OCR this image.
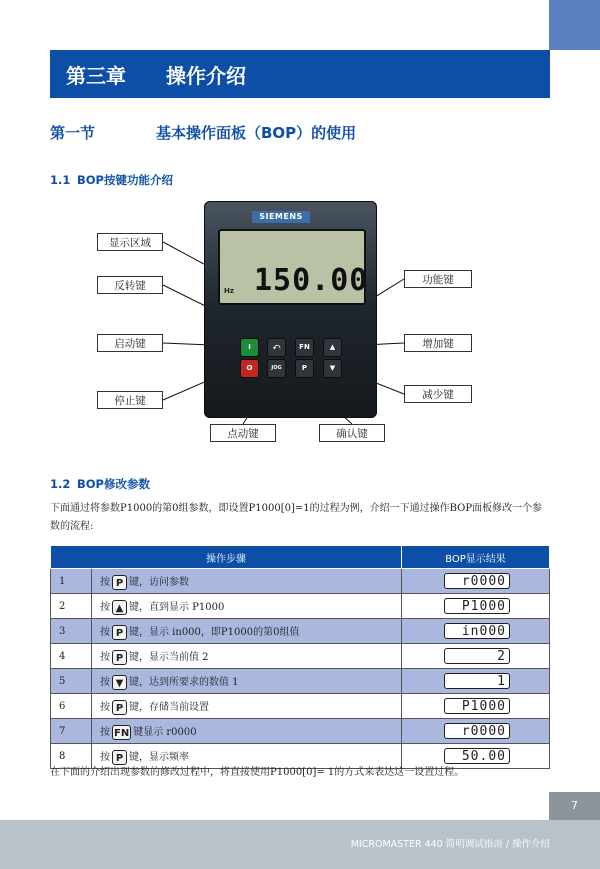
第三章	操作介绍
第一节	基本操作面板（BOP）的使用
1.1 BOP按键功能介绍
SIEMENS
150.00
Hz
I	⤺	FN	▲
O	JOG	P	▼
显示区域
反转键
启动键
停止键
点动键	确认键
功能键
增加键
减少键
1.2 BOP修改参数
下面通过将参数P1000的第0组参数，即设置P1000[0]=1的过程为例，介绍一下通过操作BOP面板修改一个参数的流程:
操作步骤		BOP显示结果
1	按 P 键，访问参数	r0000
2	按 ▲ 键，直到显示 P1000	P1000
3	按 P 键，显示 in000，即P1000的第0组值	in000
4	按 P 键，显示当前值 2	2
5	按 ▼ 键，达到所要求的数值 1	1
6	按 P 键，存储当前设置	P1000
7	按 FN 键显示 r0000	r0000
8	按 P 键，显示频率	50.00
在下面的介绍出现参数的修改过程中，将直接使用P1000[0]= 1的方式来表达这一设置过程。
7
MICROMASTER 440 简明调试指南 / 操作介绍
